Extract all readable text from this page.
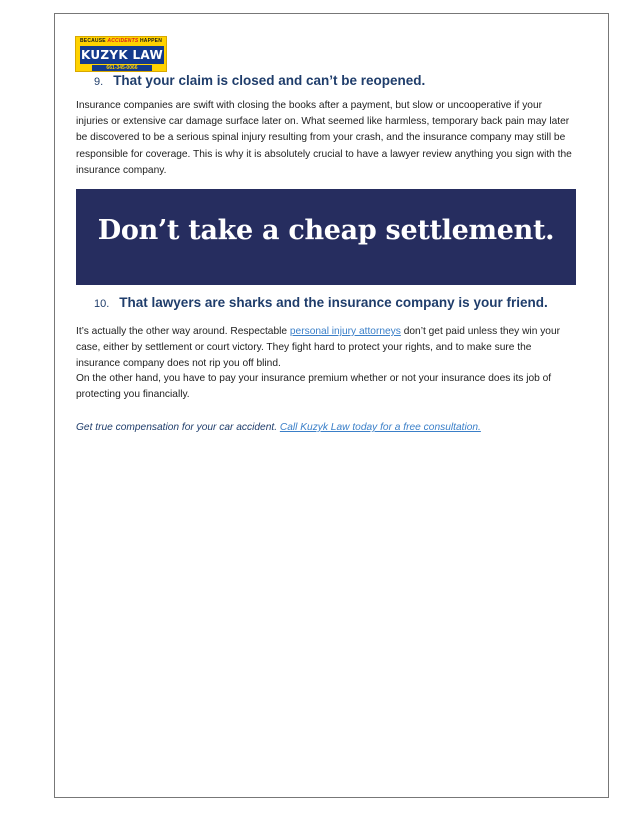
BECAUSE ACCIDENTS HAPPEN
KUZYK LAW
661-345-0066
9. That your claim is closed and can’t be reopened.

Insurance companies are swift with closing the books after a payment, but slow or uncooperative if your injuries or extensive car damage surface later on. What seemed like harmless, temporary back pain may later be discovered to be a serious spinal injury resulting from your crash, and the insurance company may still be responsible for coverage. This is why it is absolutely crucial to have a lawyer review anything you sign with the insurance company.

Don’t take a cheap settlement.
10. That lawyers are sharks and the insurance company is your friend.

It’s actually the other way around. Respectable personal injury attorneys don’t get paid unless they win your case, either by settlement or court victory. They fight hard to protect your rights, and to make sure the insurance company does not rip you off blind.

On the other hand, you have to pay your insurance premium whether or not your insurance does its job of protecting you financially.

Get true compensation for your car accident. Call Kuzyk Law today for a free consultation.
